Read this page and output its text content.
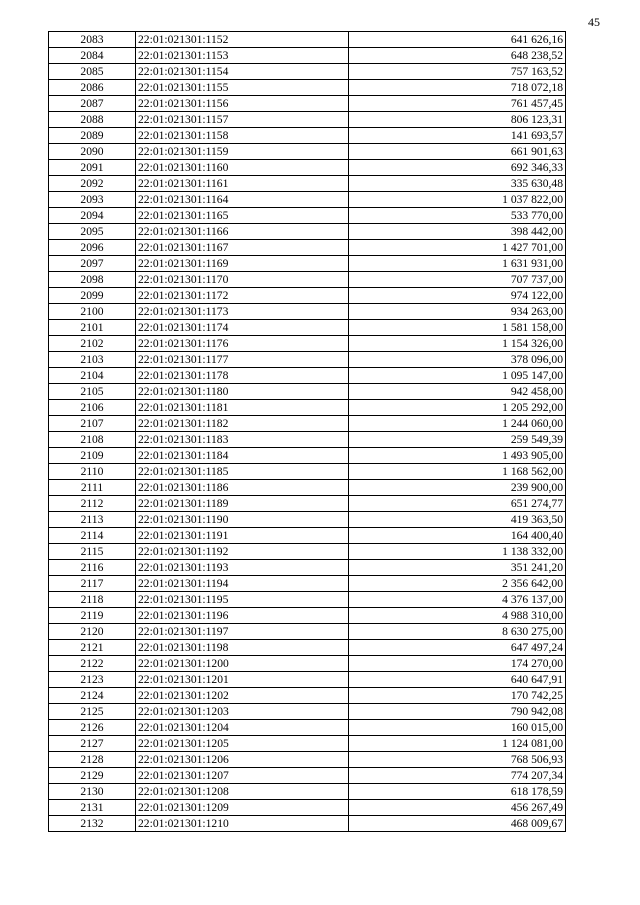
45
2083	22:01:021301:1152	641 626,16
2084	22:01:021301:1153	648 238,52
2085	22:01:021301:1154	757 163,52
2086	22:01:021301:1155	718 072,18
2087	22:01:021301:1156	761 457,45
2088	22:01:021301:1157	806 123,31
2089	22:01:021301:1158	141 693,57
2090	22:01:021301:1159	661 901,63
2091	22:01:021301:1160	692 346,33
2092	22:01:021301:1161	335 630,48
2093	22:01:021301:1164	1 037 822,00
2094	22:01:021301:1165	533 770,00
2095	22:01:021301:1166	398 442,00
2096	22:01:021301:1167	1 427 701,00
2097	22:01:021301:1169	1 631 931,00
2098	22:01:021301:1170	707 737,00
2099	22:01:021301:1172	974 122,00
2100	22:01:021301:1173	934 263,00
2101	22:01:021301:1174	1 581 158,00
2102	22:01:021301:1176	1 154 326,00
2103	22:01:021301:1177	378 096,00
2104	22:01:021301:1178	1 095 147,00
2105	22:01:021301:1180	942 458,00
2106	22:01:021301:1181	1 205 292,00
2107	22:01:021301:1182	1 244 060,00
2108	22:01:021301:1183	259 549,39
2109	22:01:021301:1184	1 493 905,00
2110	22:01:021301:1185	1 168 562,00
2111	22:01:021301:1186	239 900,00
2112	22:01:021301:1189	651 274,77
2113	22:01:021301:1190	419 363,50
2114	22:01:021301:1191	164 400,40
2115	22:01:021301:1192	1 138 332,00
2116	22:01:021301:1193	351 241,20
2117	22:01:021301:1194	2 356 642,00
2118	22:01:021301:1195	4 376 137,00
2119	22:01:021301:1196	4 988 310,00
2120	22:01:021301:1197	8 630 275,00
2121	22:01:021301:1198	647 497,24
2122	22:01:021301:1200	174 270,00
2123	22:01:021301:1201	640 647,91
2124	22:01:021301:1202	170 742,25
2125	22:01:021301:1203	790 942,08
2126	22:01:021301:1204	160 015,00
2127	22:01:021301:1205	1 124 081,00
2128	22:01:021301:1206	768 506,93
2129	22:01:021301:1207	774 207,34
2130	22:01:021301:1208	618 178,59
2131	22:01:021301:1209	456 267,49
2132	22:01:021301:1210	468 009,67
